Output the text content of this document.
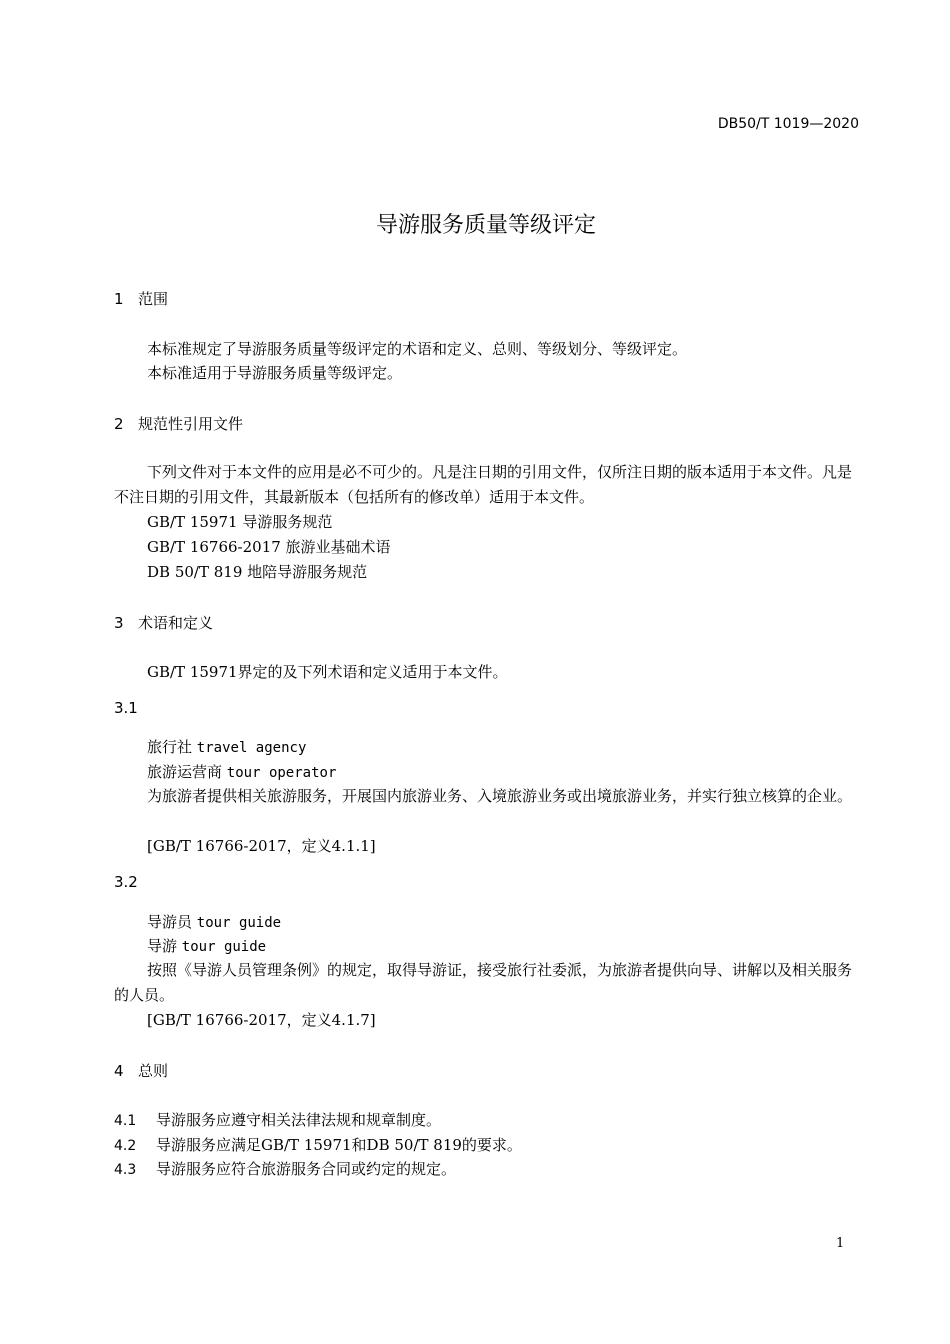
DB50/T 1019—2020
导游服务质量等级评定
1 范围
本标准规定了导游服务质量等级评定的术语和定义、总则、等级划分、等级评定。
本标准适用于导游服务质量等级评定。
2 规范性引用文件
下列文件对于本文件的应用是必不可少的。凡是注日期的引用文件，仅所注日期的版本适用于本文件。凡是不注日期的引用文件，其最新版本（包括所有的修改单）适用于本文件。
GB/T 15971 导游服务规范
GB/T 16766-2017 旅游业基础术语
DB 50/T 819 地陪导游服务规范
3 术语和定义
GB/T 15971界定的及下列术语和定义适用于本文件。
3.1
旅行社 travel agency
旅游运营商 tour operator
为旅游者提供相关旅游服务，开展国内旅游业务、入境旅游业务或出境旅游业务，并实行独立核算的企业。
[GB/T 16766-2017，定义4.1.1]
3.2
导游员 tour guide
导游 tour guide
按照《导游人员管理条例》的规定，取得导游证，接受旅行社委派，为旅游者提供向导、讲解以及相关服务的人员。
[GB/T 16766-2017，定义4.1.7]
4 总则
4.1 导游服务应遵守相关法律法规和规章制度。
4.2 导游服务应满足GB/T 15971和DB 50/T 819的要求。
4.3 导游服务应符合旅游服务合同或约定的规定。
1
